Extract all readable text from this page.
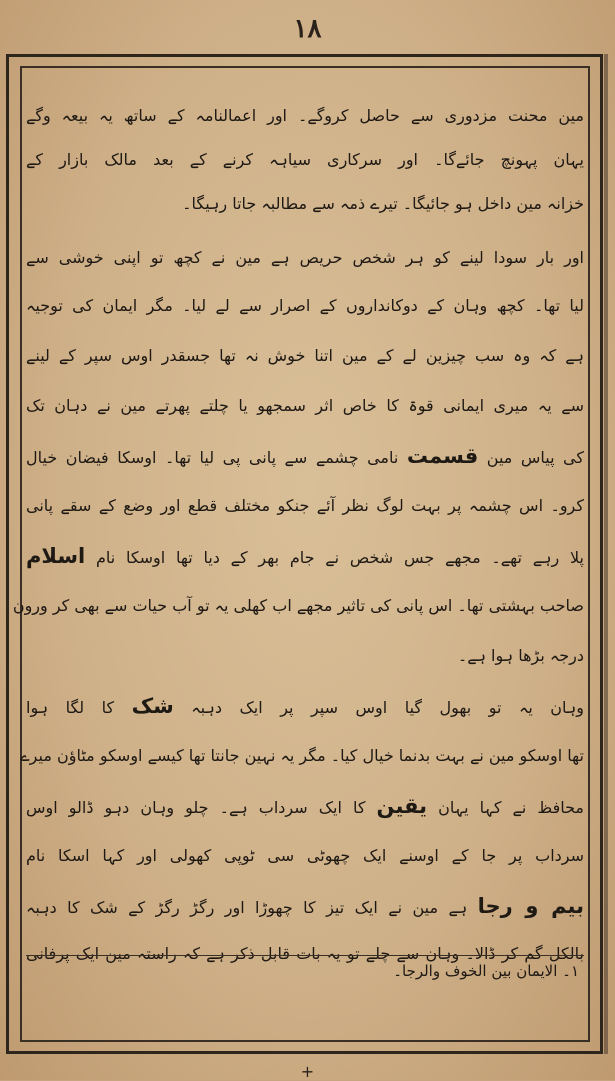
۱۸
مین محنت مزدوری سے حاصل کروگے۔ اور اعمالنامہ کے ساتھ یہ بیعہ وگے
یہان پہونچ جائےگا۔ اور سرکاری سیاہہ کرنے کے بعد مالک بازار کے
خزانہ مین داخل ہو جائیگا۔ تیرے ذمہ سے مطالبہ جاتا رہیگا۔
اور بار سودا لینے کو ہر شخص حریص ہے مین نے کچھ تو اپنی خوشی سے
لیا تھا۔ کچھ وہان کے دوکانداروں کے اصرار سے لے لیا۔ مگر ایمان کی توجیہ
ہے کہ وہ سب چیزین لے کے مین اتنا خوش نہ تھا جسقدر اوس سپر کے لینے
سے یہ میری ایمانی قوۃ کا خاص اثر سمجھو یا چلتے پھرتے مین نے دہان تک
کی پیاس مین قسمت نامی چشمے سے پانی پی لیا تھا۔ اوسکا فیضان خیال
کرو۔ اس چشمہ پر بہت لوگ نظر آئے جنکو مختلف قطع اور وضع کے سقے پانی
پلا رہے تھے۔ مجھے جس شخص نے جام بھر کے دیا تھا اوسکا نام اسلام
صاحب بہشتی تھا۔ اس پانی کی تاثیر مجھے اب کھلی یہ تو آب حیات سے بھی کر ورون
درجہ بڑھا ہوا ہے۔
وہان یہ تو بھول گیا اوس سپر پر ایک دہبہ شک کا لگا ہوا
تھا اوسکو مین نے بہت بدنما خیال کیا۔ مگر یہ نہین جانتا تھا کیسے اوسکو مٹاؤن میرے
محافظ نے کہا یہان یقین کا ایک سرداب ہے۔ چلو وہان دہو ڈالو اوس
سرداب پر جا کے اوسنے ایک چھوٹی سی ٹوپی کھولی اور کہا اسکا نام
بیم و رجا ہے مین نے ایک تیز کا چھوڑا اور رگڑ رگڑ کے شک کا دہبہ
بالکل گم کر ڈالا۔ وہان سے چلے تو یہ بات قابل ذکر ہے کہ راستہ مین ایک پرفانی
۱۔ الایمان بین الخوف والرجا۔
+
